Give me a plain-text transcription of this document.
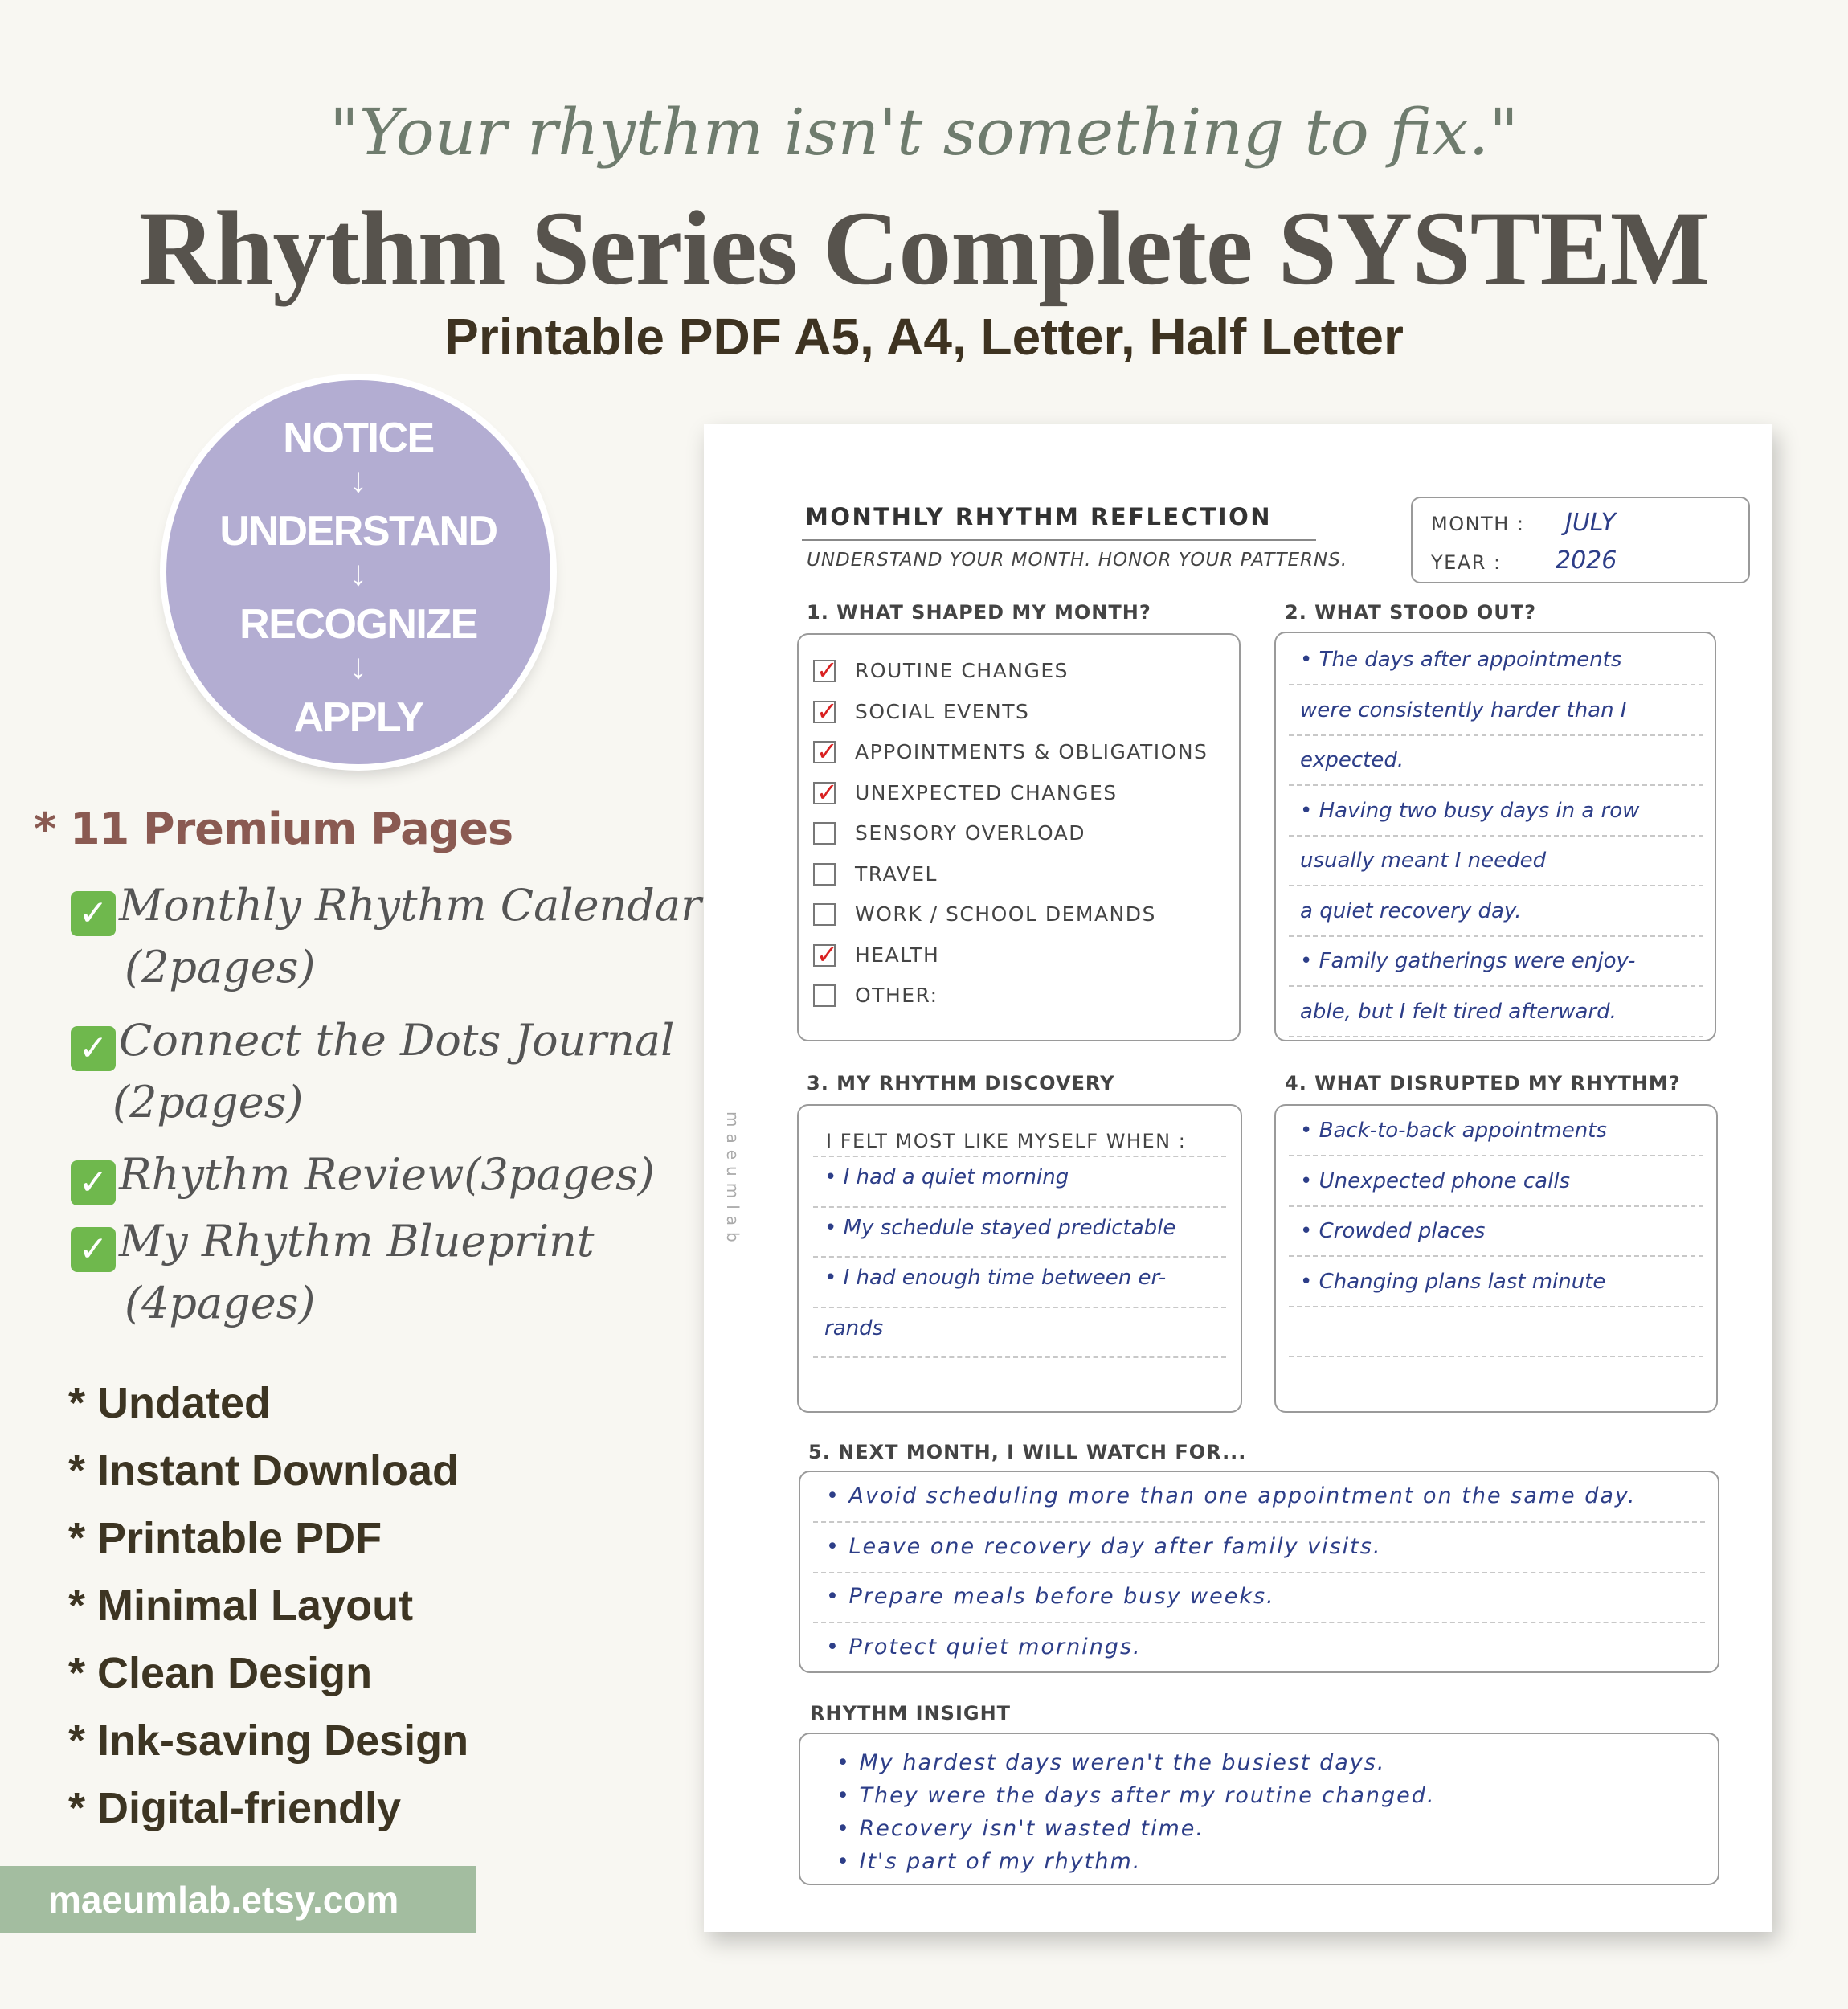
"Your rhythm isn't something to fix."
Rhythm Series Complete SYSTEM
Printable PDF A5, A4, Letter, Half Letter
NOTICE
↓
UNDERSTAND
↓
RECOGNIZE
↓
APPLY
* 11 Premium Pages
✓ Monthly Rhythm Calendar
(2pages)
✓ Connect the Dots Journal
(2pages)
✓ Rhythm Review(3pages)
✓ My Rhythm Blueprint
(4pages)
* Undated
* Instant Download
* Printable PDF
* Minimal Layout
* Clean Design
* Ink-saving Design
* Digital-friendly
maeumlab.etsy.com
MONTHLY RHYTHM REFLECTION
UNDERSTAND YOUR MONTH. HONOR YOUR PATTERNS.
MONTH : JULY
YEAR : 2026
maeumlab
1. WHAT SHAPED MY MONTH?	2. WHAT STOOD OUT?
3. MY RHYTHM DISCOVERY
I FELT MOST LIKE MYSELF WHEN :
4. WHAT DISRUPTED MY RHYTHM?
5. NEXT MONTH, I WILL WATCH FOR...
RHYTHM INSIGHT
✓ ROUTINE CHANGES
✓ SOCIAL EVENTS
✓ APPOINTMENTS & OBLIGATIONS
✓ UNEXPECTED CHANGES
SENSORY OVERLOAD
TRAVEL
WORK / SCHOOL DEMANDS
✓ HEALTH
OTHER:
• The days after appointments
were consistently harder than I
expected.
• Having two busy days in a row
usually meant I needed
a quiet recovery day.
• Family gatherings were enjoy-
able, but I felt tired afterward.
• I had a quiet morning
• My schedule stayed predictable
• I had enough time between er-
rands
• Back-to-back appointments
• Unexpected phone calls
• Crowded places
• Changing plans last minute
• Avoid scheduling more than one appointment on the same day.
• Leave one recovery day after family visits.
• Prepare meals before busy weeks.
• Protect quiet mornings.
• My hardest days weren't the busiest days.
• They were the days after my routine changed.
• Recovery isn't wasted time.
• It's part of my rhythm.
